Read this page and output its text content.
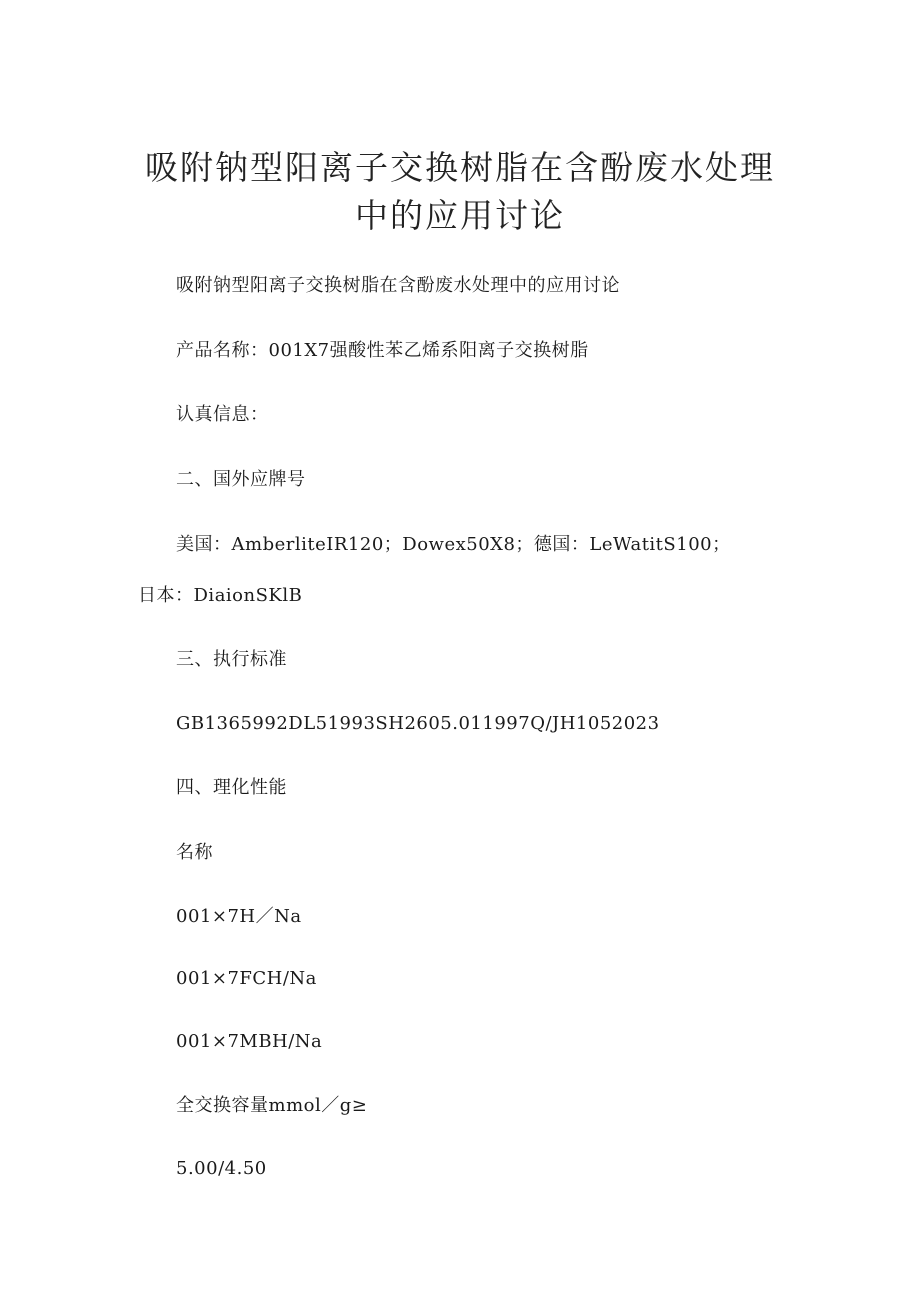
吸附钠型阳离子交换树脂在含酚废水处理
中的应用讨论
吸附钠型阳离子交换树脂在含酚废水处理中的应用讨论
产品名称：001X7强酸性苯乙烯系阳离子交换树脂
认真信息：
二、国外应牌号
美国：AmberliteIR120；Dowex50X8；德国：LeWatitS100；
日本：DiaionSKlB
三、执行标准
GB1365992DL51993SH2605.011997Q/JH1052023
四、理化性能
名称
001×7H／Na
001×7FCH/Na
001×7MBH/Na
全交换容量mmol／g≥
5.00/4.50
